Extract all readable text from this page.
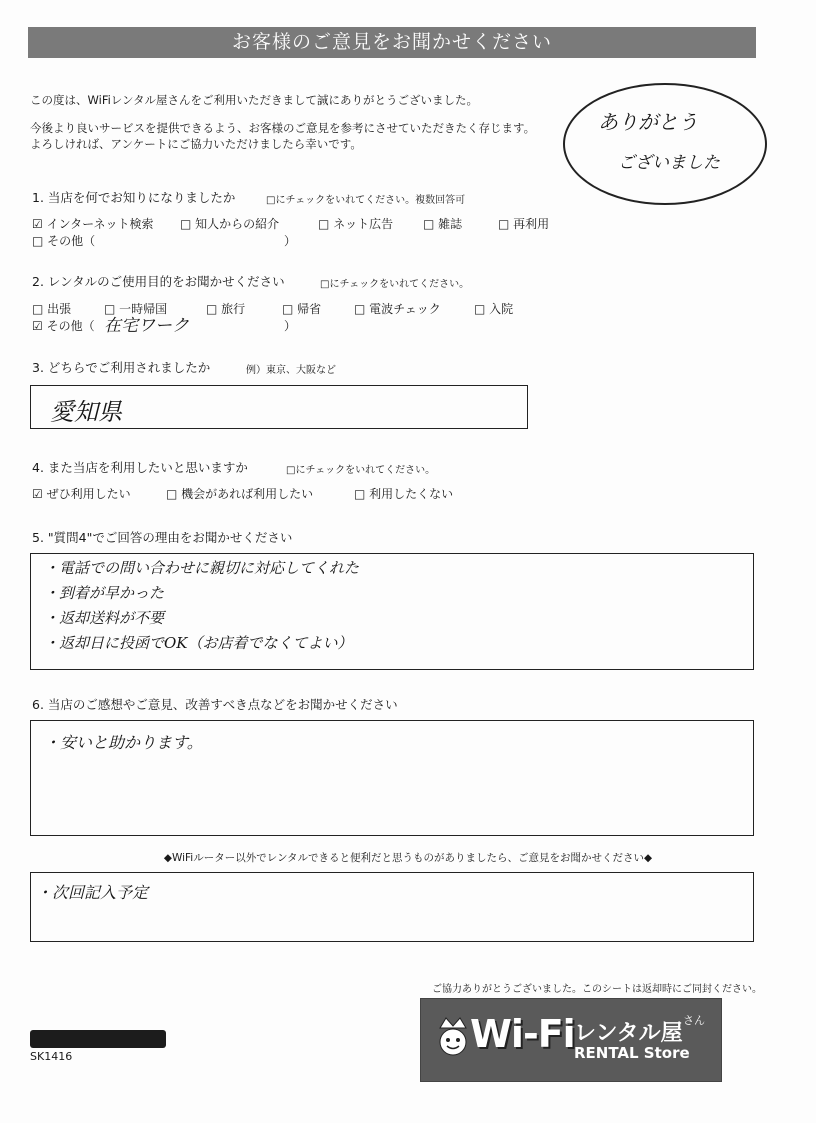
お客様のご意見をお聞かせください
この度は、WiFiレンタル屋さんをご利用いただきまして誠にありがとうございました。
今後より良いサービスを提供できるよう、お客様のご意見を参考にさせていただきたく存じます。
よろしければ、アンケートにご協力いただけましたら幸いです。
ありがとう
ございました
1. 当店を何でお知りになりましたか	□にチェックをいれてください。複数回答可
☑ インターネット検索 □ 知人からの紹介	□ ネット広告 □ 雑誌	□ 再利用
□ その他（	）
2. レンタルのご使用目的をお聞かせください	□にチェックをいれてください。
□ 出張	□ 一時帰国	□ 旅行	□ 帰省	□ 電波チェック	□ 入院
☑ その他（ 在宅ワーク	）
3. どちらでご利用されましたか	例）東京、大阪など
愛知県
4. また当店を利用したいと思いますか	□にチェックをいれてください。
☑ ぜひ利用したい	□ 機会があれば利用したい	□ 利用したくない
5. "質問4"でご回答の理由をお聞かせください
・電話での問い合わせに親切に対応してくれた
・到着が早かった
・返却送料が不要
・返却日に投函でOK（お店着でなくてよい）
6. 当店のご感想やご意見、改善すべき点などをお聞かせください
・安いと助かります。
◆WiFiルーター以外でレンタルできると便利だと思うものがありましたら、ご意見をお聞かせください◆
・次回記入予定
ご協力ありがとうございました。このシートは返却時にご同封ください。
SK1416
Wi-Fi レンタル屋
さん
RENTAL Store
